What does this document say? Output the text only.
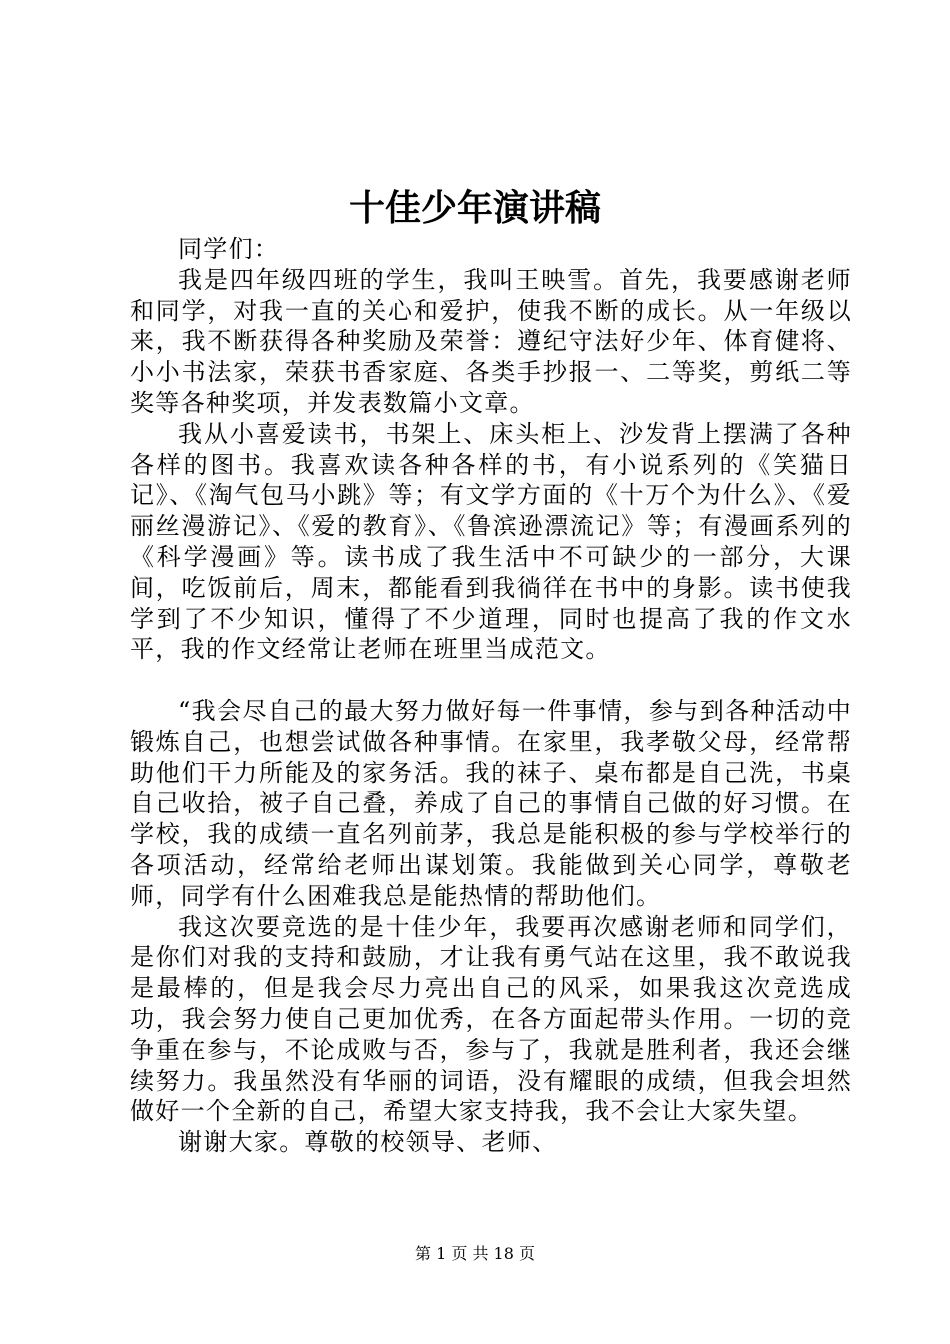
十佳少年演讲稿

同学们：

我是四年级四班的学生，我叫王映雪。首先，我要感谢老师和同学，对我一直的关心和爱护，使我不断的成长。从一年级以来，我不断获得各种奖励及荣誉：遵纪守法好少年、体育健将、小小书法家，荣获书香家庭、各类手抄报一、二等奖，剪纸二等奖等各种奖项，并发表数篇小文章。

我从小喜爱读书，书架上、床头柜上、沙发背上摆满了各种各样的图书。我喜欢读各种各样的书，有小说系列的《笑猫日记》、《淘气包马小跳》等；有文学方面的《十万个为什么》、《爱丽丝漫游记》、《爱的教育》、《鲁滨逊漂流记》等；有漫画系列的《科学漫画》等。读书成了我生活中不可缺少的一部分，大课间，吃饭前后，周末，都能看到我徜徉在书中的身影。读书使我学到了不少知识，懂得了不少道理，同时也提高了我的作文水平，我的作文经常让老师在班里当成范文。

“我会尽自己的最大努力做好每一件事情，参与到各种活动中锻炼自己，也想尝试做各种事情。在家里，我孝敬父母，经常帮助他们干力所能及的家务活。我的袜子、桌布都是自己洗，书桌自己收拾，被子自己叠，养成了自己的事情自己做的好习惯。在学校，我的成绩一直名列前茅，我总是能积极的参与学校举行的各项活动，经常给老师出谋划策。我能做到关心同学，尊敬老师，同学有什么困难我总是能热情的帮助他们。

我这次要竞选的是十佳少年，我要再次感谢老师和同学们，是你们对我的支持和鼓励，才让我有勇气站在这里，我不敢说我是最棒的，但是我会尽力亮出自己的风采，如果我这次竞选成功，我会努力使自己更加优秀，在各方面起带头作用。一切的竞争重在参与，不论成败与否，参与了，我就是胜利者，我还会继续努力。我虽然没有华丽的词语，没有耀眼的成绩，但我会坦然做好一个全新的自己，希望大家支持我，我不会让大家失望。

谢谢大家。尊敬的校领导、老师、

第 1 页 共 18 页
